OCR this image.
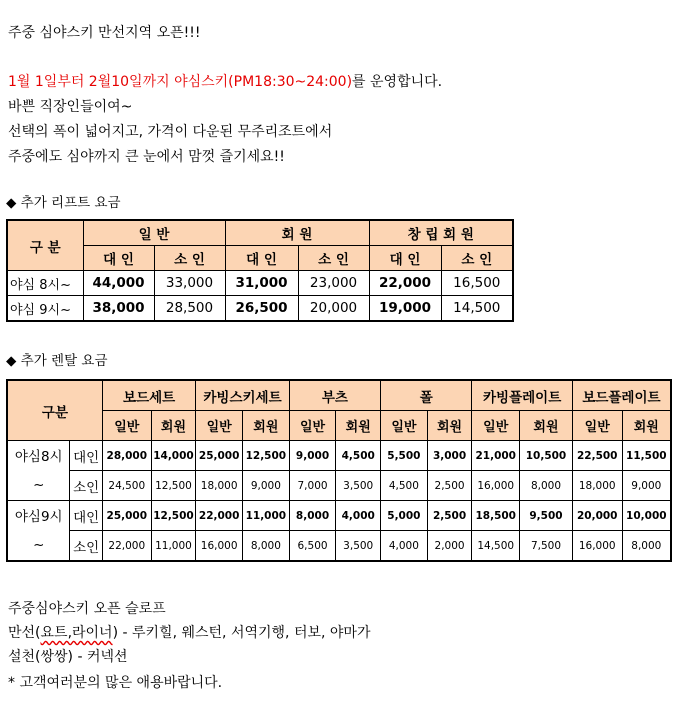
주중 심야스키 만선지역 오픈!!!
1월 1일부터 2월10일까지 야심스키(PM18:30~24:00)를 운영합니다.
바쁜 직장인들이여~
선택의 폭이 넓어지고, 가격이 다운된 무주리조트에서
주중에도 심야까지 큰 눈에서 맘껏 즐기세요!!
◆ 추가 리프트 요금
구 분	일 반		회 원		창 립 회 원	
	대 인	소 인	대 인	소 인	대 인	소 인
야심 8시~	44,000	33,000	31,000	23,000	22,000	16,500
야심 9시~	38,000	28,500	26,500	20,000	19,000	14,500
◆ 추가 렌탈 요금
구분		보드세트		카빙스키세트		부츠		폴		카빙플레이트		보드플레이트	
		일반	회원	일반	회원	일반	회원	일반	회원	일반	회원	일반	회원
야심8시
~	대인	28,000	14,000	25,000	12,500	9,000	4,500	5,500	3,000	21,000	10,500	22,500	11,500
	소인	24,500	12,500	18,000	9,000	7,000	3,500	4,500	2,500	16,000	8,000	18,000	9,000
야심9시
~	대인	25,000	12,500	22,000	11,000	8,000	4,000	5,000	2,500	18,500	9,500	20,000	10,000
	소인	22,000	11,000	16,000	8,000	6,500	3,500	4,000	2,000	14,500	7,500	16,000	8,000
주중심야스키 오픈 슬로프
만선(요트,라이너) - 루키힐, 웨스턴, 서역기행, 터보, 야마가
설천(쌍쌍) - 커넥션
* 고객여러분의 많은 애용바랍니다.
